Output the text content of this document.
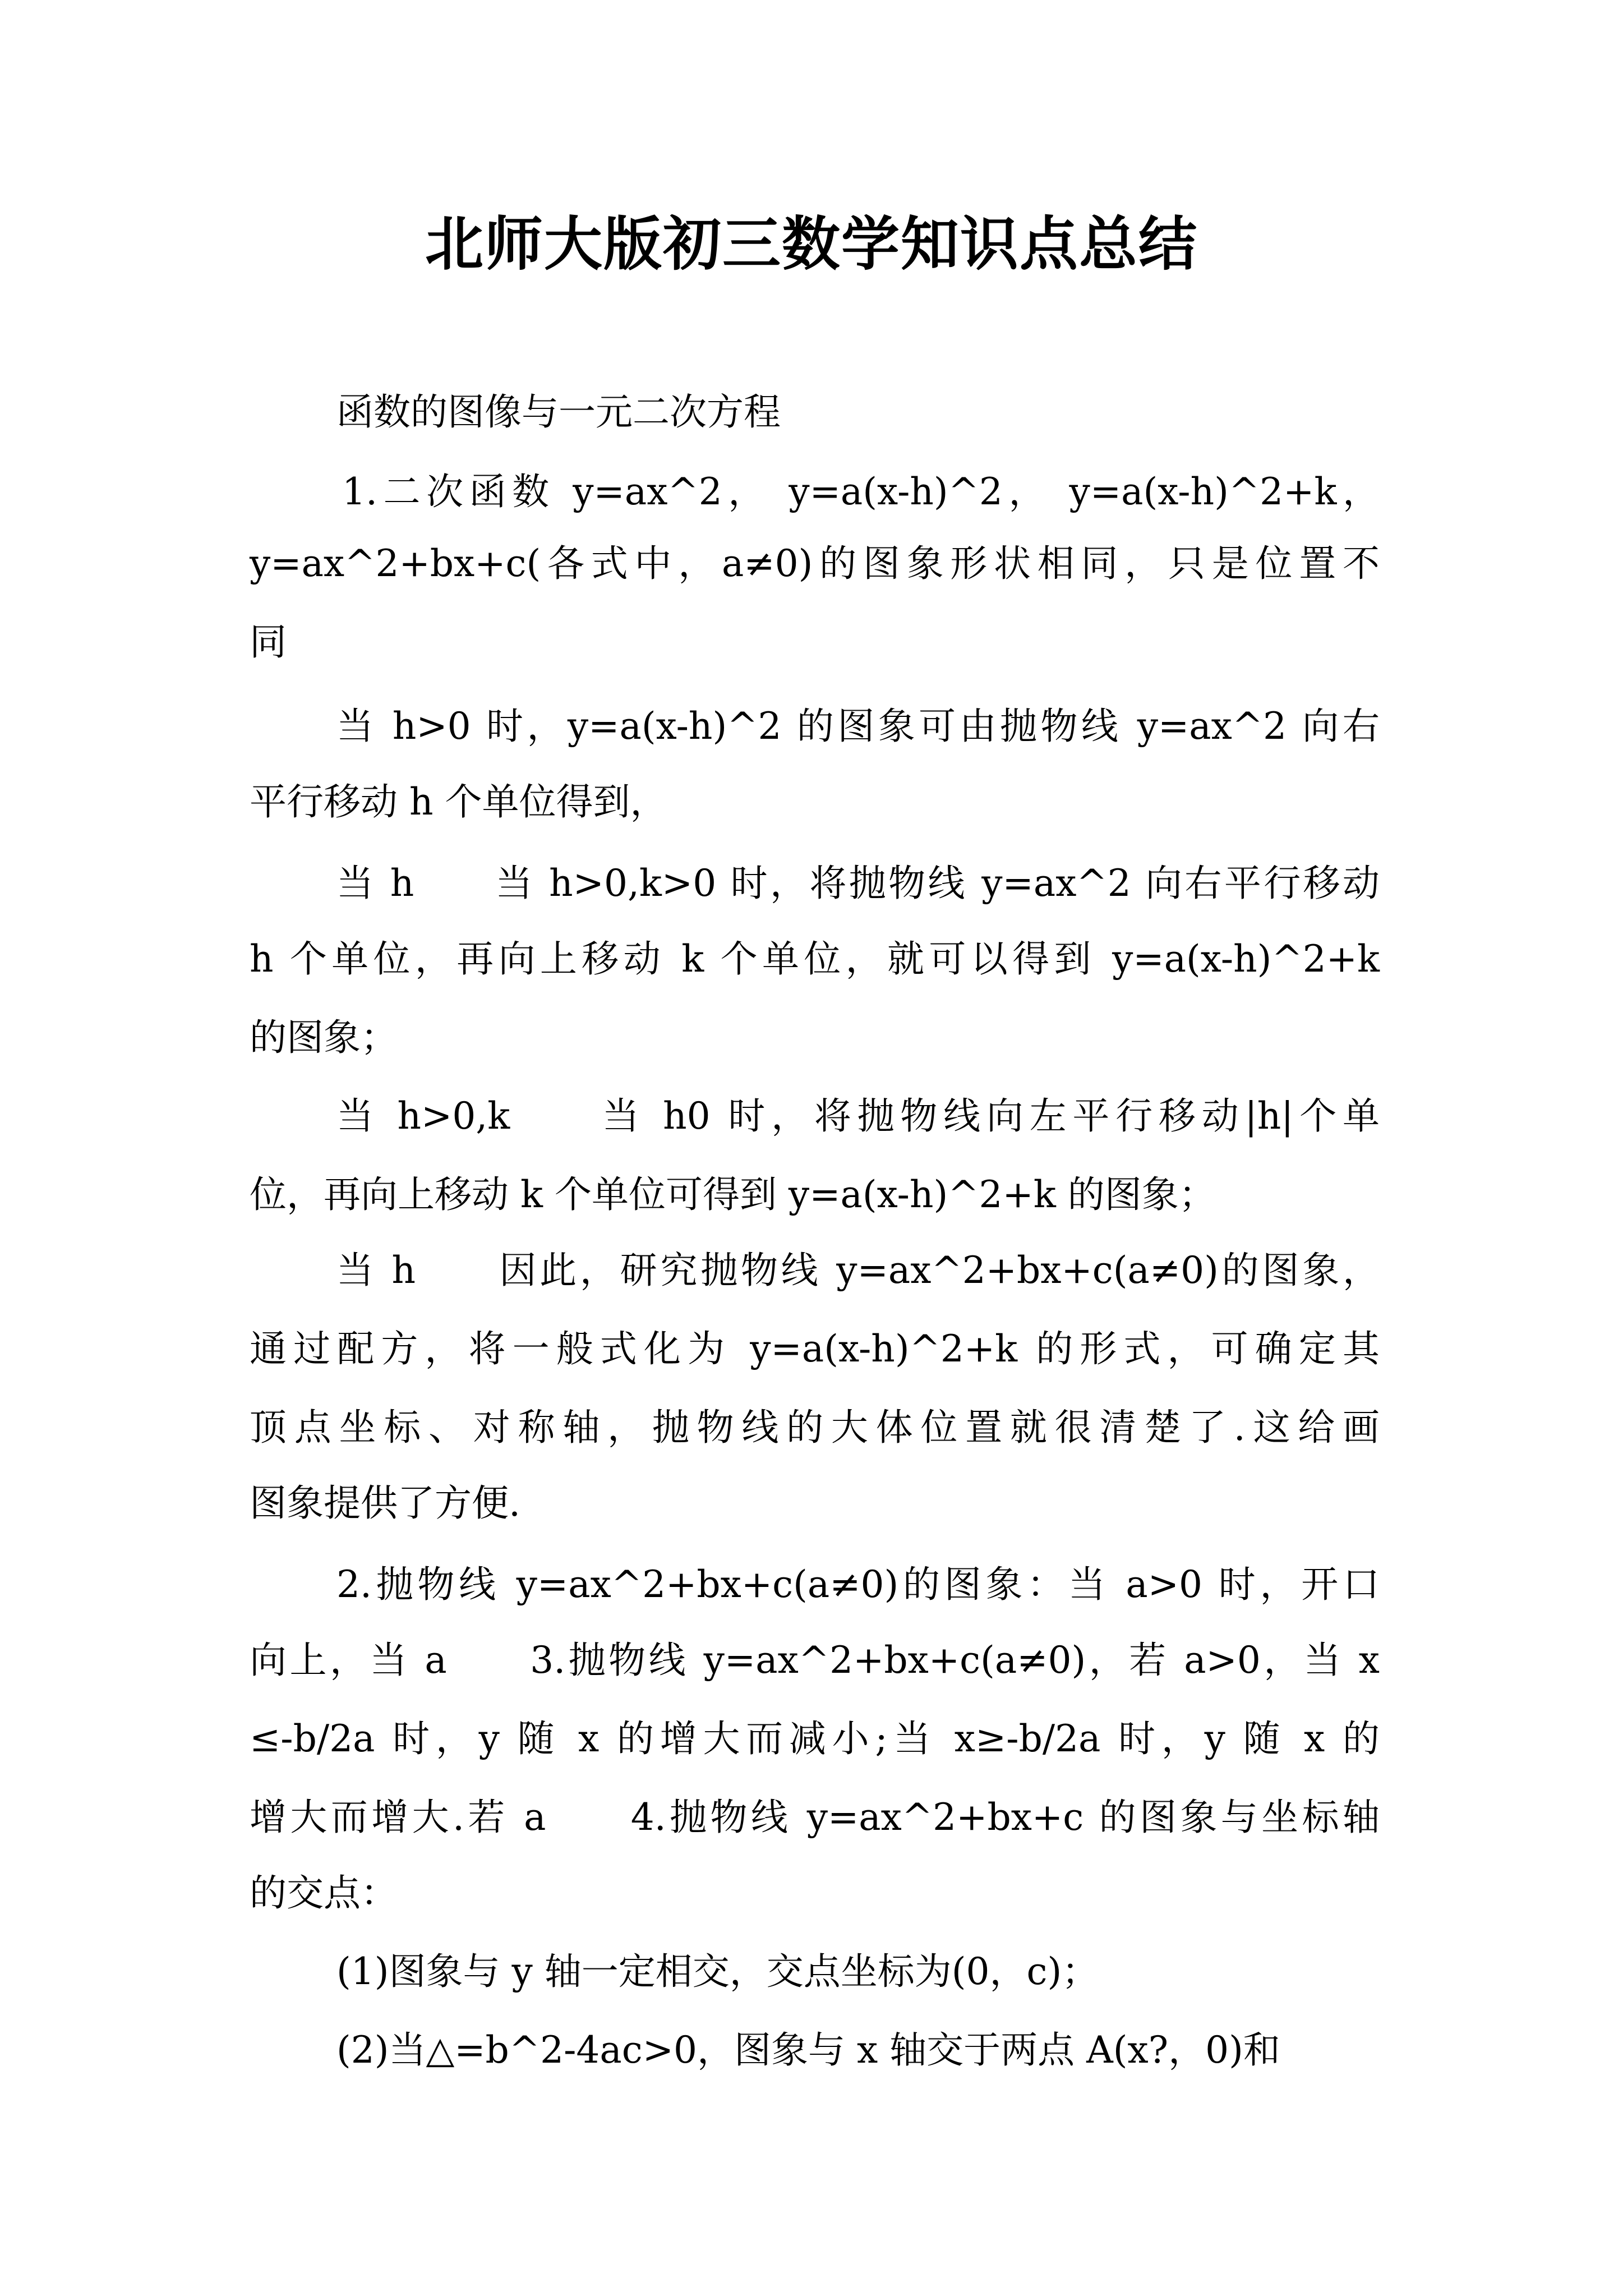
北师大版初三数学知识点总结

函数的图像与一元二次方程

1.二次函数 y=ax^2， y=a(x-h)^2， y=a(x-h)^2+k，

y=ax^2+bx+c(各式中，a≠0)的图象形状相同，只是位置不

同

当 h>0 时，y=a(x-h)^2 的图象可由抛物线 y=ax^2 向右

平行移动 h 个单位得到，

当 h　　当 h>0,k>0 时，将抛物线 y=ax^2 向右平行移动

h 个单位，再向上移动 k 个单位，就可以得到 y=a(x-h)^2+k

的图象；

当 h>0,k　　当 h0 时，将抛物线向左平行移动|h|个单

位，再向上移动 k 个单位可得到 y=a(x-h)^2+k 的图象；

当 h　　因此，研究抛物线 y=ax^2+bx+c(a≠0)的图象，

通过配方，将一般式化为 y=a(x-h)^2+k 的形式，可确定其

顶点坐标、对称轴，抛物线的大体位置就很清楚了.这给画

图象提供了方便.

2.抛物线 y=ax^2+bx+c(a≠0)的图象：当 a>0 时，开口

向上，当 a　　3.抛物线 y=ax^2+bx+c(a≠0)，若 a>0，当 x

≤-b/2a 时，y 随 x 的增大而减小;当 x≥-b/2a 时，y 随 x 的

增大而增大.若 a　　4.抛物线 y=ax^2+bx+c 的图象与坐标轴

的交点：

(1)图象与 y 轴一定相交，交点坐标为(0，c)；

(2)当△=b^2-4ac>0，图象与 x 轴交于两点 A(x?，0)和
